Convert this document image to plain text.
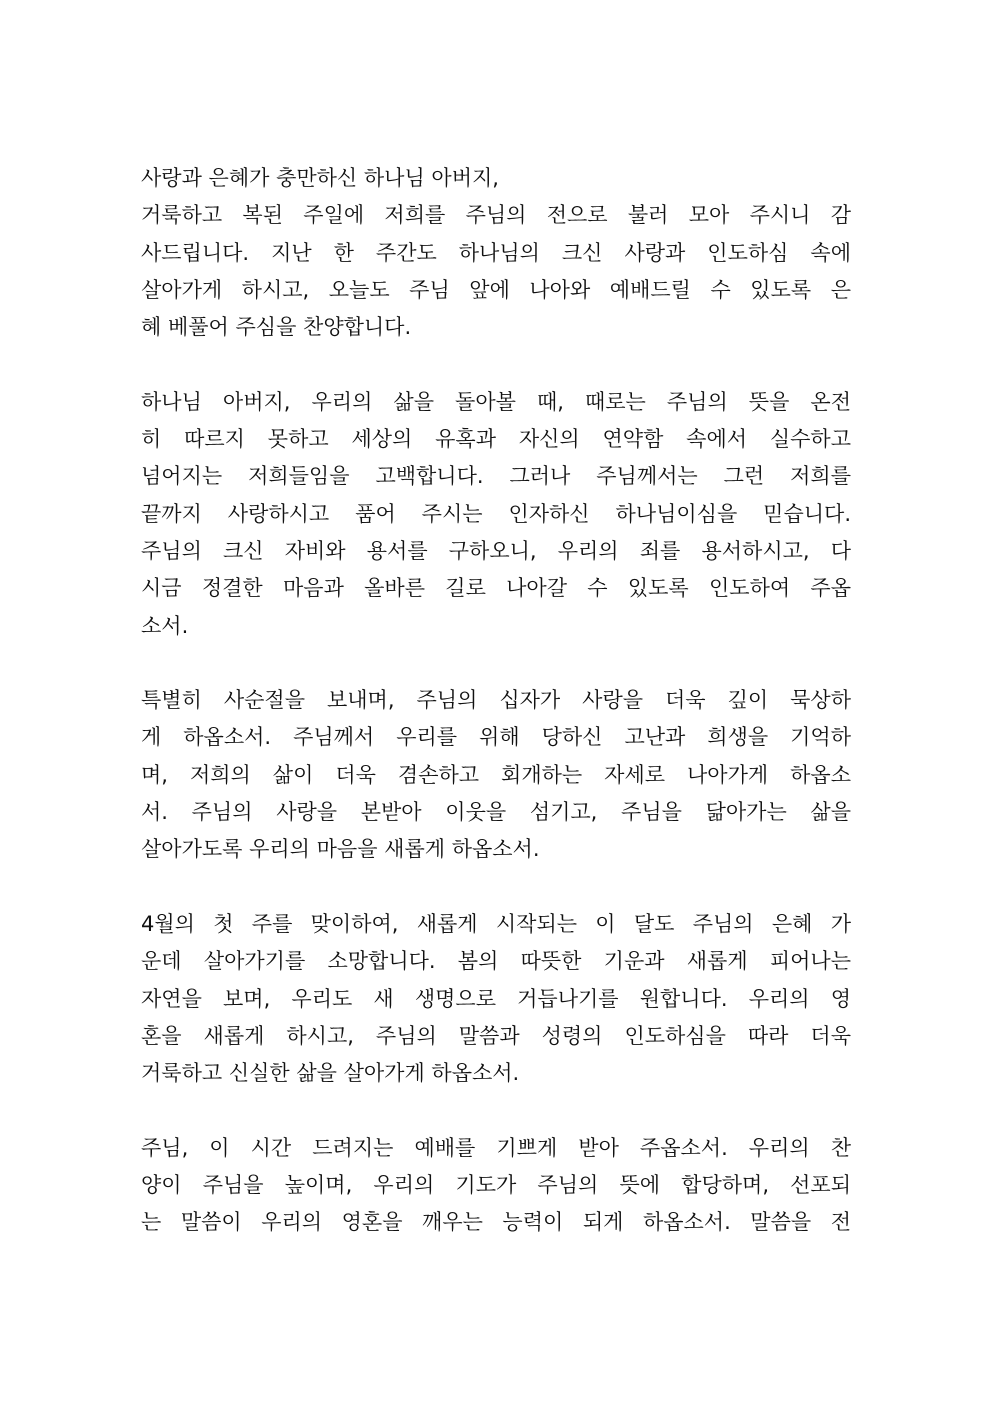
사랑과 은혜가 충만하신 하나님 아버지,
거룩하고 복된 주일에 저희를 주님의 전으로 불러 모아 주시니 감
사드립니다. 지난 한 주간도 하나님의 크신 사랑과 인도하심 속에
살아가게 하시고, 오늘도 주님 앞에 나아와 예배드릴 수 있도록 은
혜 베풀어 주심을 찬양합니다.
하나님 아버지, 우리의 삶을 돌아볼 때, 때로는 주님의 뜻을 온전
히 따르지 못하고 세상의 유혹과 자신의 연약함 속에서 실수하고
넘어지는 저희들임을 고백합니다. 그러나 주님께서는 그런 저희를
끝까지 사랑하시고 품어 주시는 인자하신 하나님이심을 믿습니다.
주님의 크신 자비와 용서를 구하오니, 우리의 죄를 용서하시고, 다
시금 정결한 마음과 올바른 길로 나아갈 수 있도록 인도하여 주옵
소서.
특별히 사순절을 보내며, 주님의 십자가 사랑을 더욱 깊이 묵상하
게 하옵소서. 주님께서 우리를 위해 당하신 고난과 희생을 기억하
며, 저희의 삶이 더욱 겸손하고 회개하는 자세로 나아가게 하옵소
서. 주님의 사랑을 본받아 이웃을 섬기고, 주님을 닮아가는 삶을
살아가도록 우리의 마음을 새롭게 하옵소서.
4월의 첫 주를 맞이하여, 새롭게 시작되는 이 달도 주님의 은혜 가
운데 살아가기를 소망합니다. 봄의 따뜻한 기운과 새롭게 피어나는
자연을 보며, 우리도 새 생명으로 거듭나기를 원합니다. 우리의 영
혼을 새롭게 하시고, 주님의 말씀과 성령의 인도하심을 따라 더욱
거룩하고 신실한 삶을 살아가게 하옵소서.
주님, 이 시간 드려지는 예배를 기쁘게 받아 주옵소서. 우리의 찬
양이 주님을 높이며, 우리의 기도가 주님의 뜻에 합당하며, 선포되
는 말씀이 우리의 영혼을 깨우는 능력이 되게 하옵소서. 말씀을 전
